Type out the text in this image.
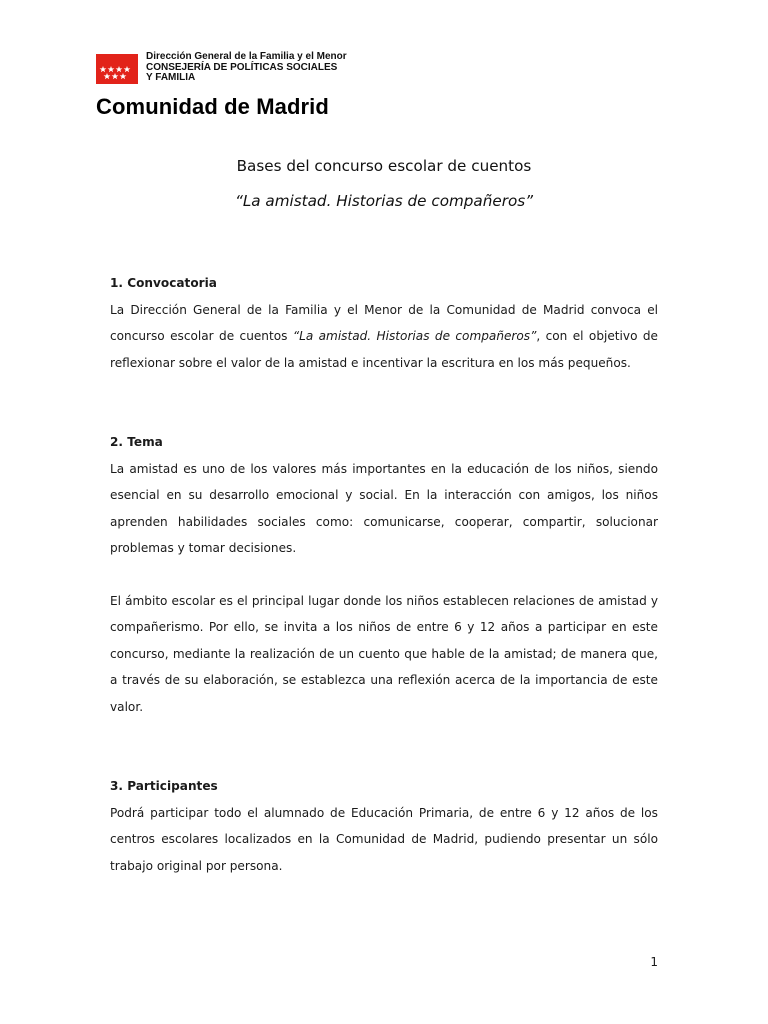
Dirección General de la Familia y el Menor
CONSEJERÍA DE POLÍTICAS SOCIALES
Y FAMILIA
Comunidad de Madrid

Bases del concurso escolar de cuentos

“La amistad. Historias de compañeros”

1. Convocatoria

La Dirección General de la Familia y el Menor de la Comunidad de Madrid convoca el concurso escolar de cuentos “La amistad. Historias de compañeros”, con el objetivo de reflexionar sobre el valor de la amistad e incentivar la escritura en los más pequeños.

2. Tema

La amistad es uno de los valores más importantes en la educación de los niños, siendo esencial en su desarrollo emocional y social. En la interacción con amigos, los niños aprenden habilidades sociales como: comunicarse, cooperar, compartir, solucionar problemas y tomar decisiones.

El ámbito escolar es el principal lugar donde los niños establecen relaciones de amistad y compañerismo. Por ello, se invita a los niños de entre 6 y 12 años a participar en este concurso, mediante la realización de un cuento que hable de la amistad; de manera que, a través de su elaboración, se establezca una reflexión acerca de la importancia de este valor.

3. Participantes

Podrá participar todo el alumnado de Educación Primaria, de entre 6 y 12 años de los centros escolares localizados en la Comunidad de Madrid, pudiendo presentar un sólo trabajo original por persona.

1
